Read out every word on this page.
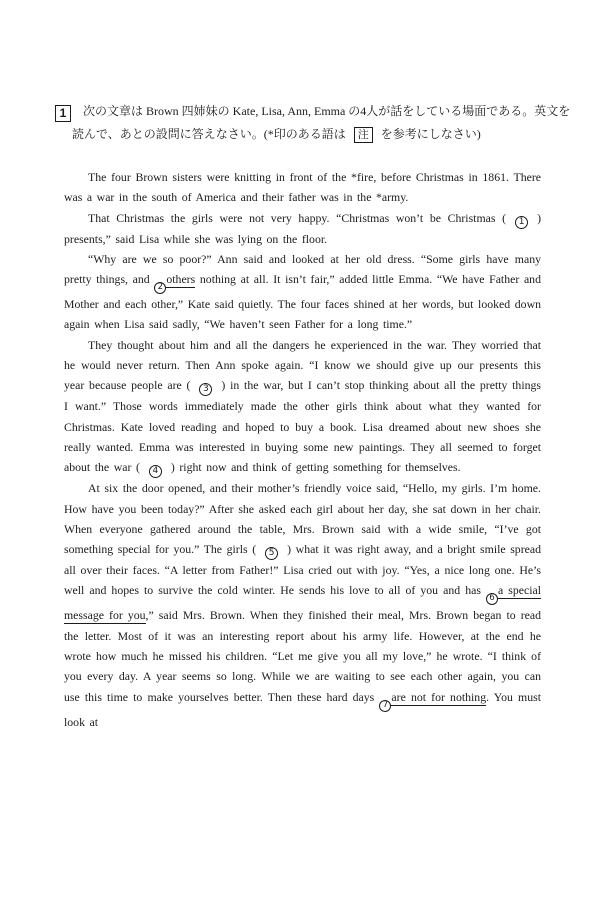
1 次の文章は Brown 四姉妹の Kate, Lisa, Ann, Emma の4人が話をしている場面である。英文を
読んで、あとの設問に答えなさい。(*印のある語は 注 を参考にしなさい)

The four Brown sisters were knitting in front of the *fire, before Christmas in 1861. There was a war in the south of America and their father was in the *army.

That Christmas the girls were not very happy. “Christmas won’t be Christmas ( 1 ) presents,” said Lisa while she was lying on the floor.

“Why are we so poor?” Ann said and looked at her old dress. “Some girls have many pretty things, and 2others nothing at all. It isn’t fair,” added little Emma. “We have Father and Mother and each other,” Kate said quietly. The four faces shined at her words, but looked down again when Lisa said sadly, “We haven’t seen Father for a long time.”

They thought about him and all the dangers he experienced in the war. They worried that he would never return. Then Ann spoke again. “I know we should give up our presents this year because people are ( 3 ) in the war, but I can’t stop thinking about all the pretty things I want.” Those words immediately made the other girls think about what they wanted for Christmas. Kate loved reading and hoped to buy a book. Lisa dreamed about new shoes she really wanted. Emma was interested in buying some new paintings. They all seemed to forget about the war ( 4 ) right now and think of getting something for themselves.

At six the door opened, and their mother’s friendly voice said, “Hello, my girls. I’m home. How have you been today?” After she asked each girl about her day, she sat down in her chair. When everyone gathered around the table, Mrs. Brown said with a wide smile, “I’ve got something special for you.” The girls ( 5 ) what it was right away, and a bright smile spread all over their faces. “A letter from Father!” Lisa cried out with joy. “Yes, a nice long one. He’s well and hopes to survive the cold winter. He sends his love to all of you and has 6a special message for you,” said Mrs. Brown. When they finished their meal, Mrs. Brown began to read the letter. Most of it was an interesting report about his army life. However, at the end he wrote how much he missed his children. “Let me give you all my love,” he wrote. “I think of you every day. A year seems so long. While we are waiting to see each other again, you can use this time to make yourselves better. Then these hard days 7are not for nothing. You must look at
